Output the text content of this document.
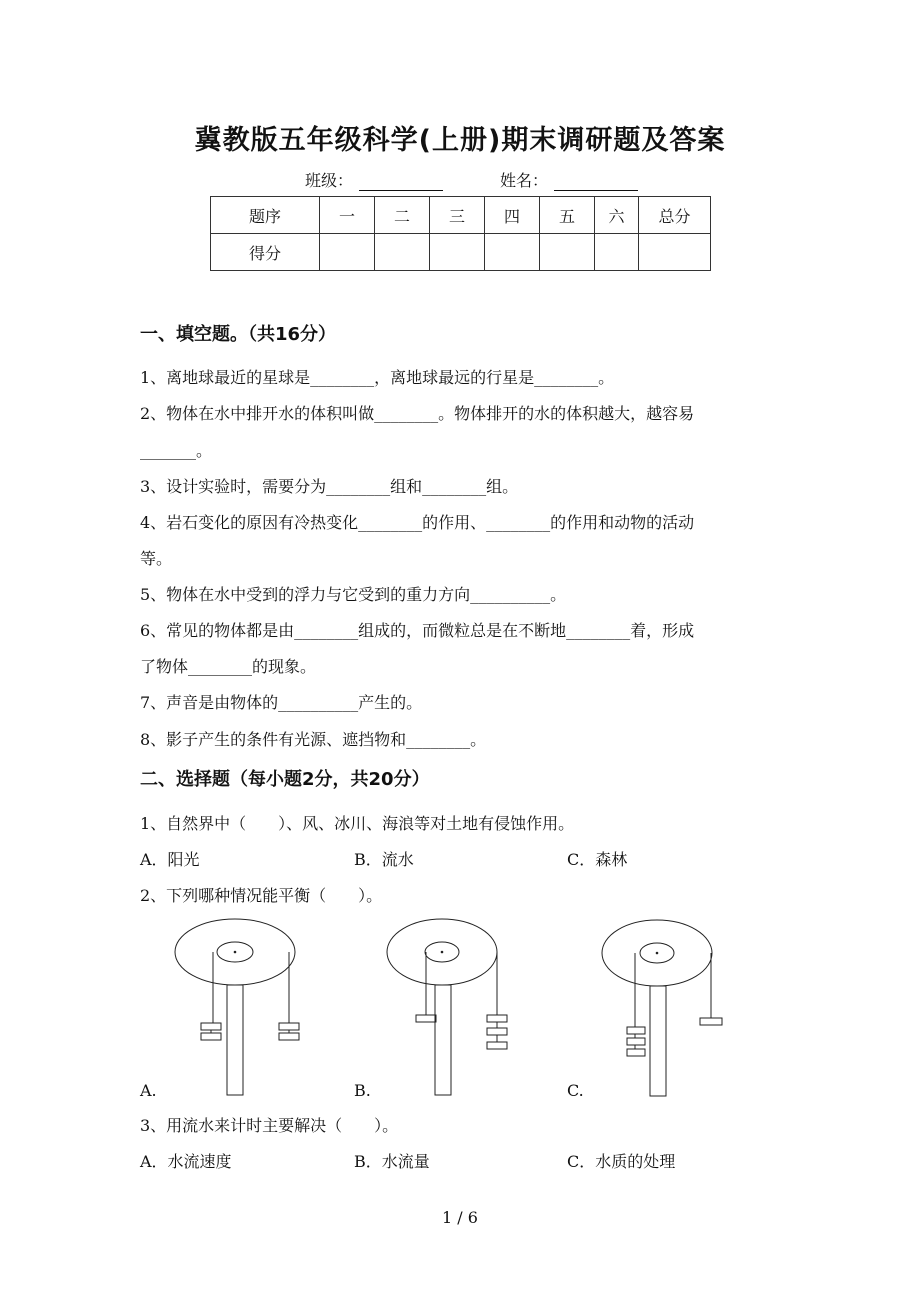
冀教版五年级科学(上册)期末调研题及答案
班级：	姓名：
题序	一	二	三	四	五	六	总分
得分							
一、填空题。（共16分）
1、离地球最近的星球是________，离地球最远的行星是________。
2、物体在水中排开水的体积叫做________。物体排开的水的体积越大，越容易
_______。
3、设计实验时，需要分为________组和________组。
4、岩石变化的原因有冷热变化________的作用、________的作用和动物的活动
等。
5、物体在水中受到的浮力与它受到的重力方向__________。
6、常见的物体都是由________组成的，而微粒总是在不断地________着，形成
了物体________的现象。
7、声音是由物体的__________产生的。
8、影子产生的条件有光源、遮挡物和________。
二、选择题（每小题2分，共20分）
1、自然界中（　　）、风、冰川、海浪等对土地有侵蚀作用。
A．阳光	B．流水	C．森林
2、下列哪种情况能平衡（　　）。
A.	B.	C.
3、用流水来计时主要解决（　　）。
A．水流速度	B．水流量	C．水质的处理
1 / 6
